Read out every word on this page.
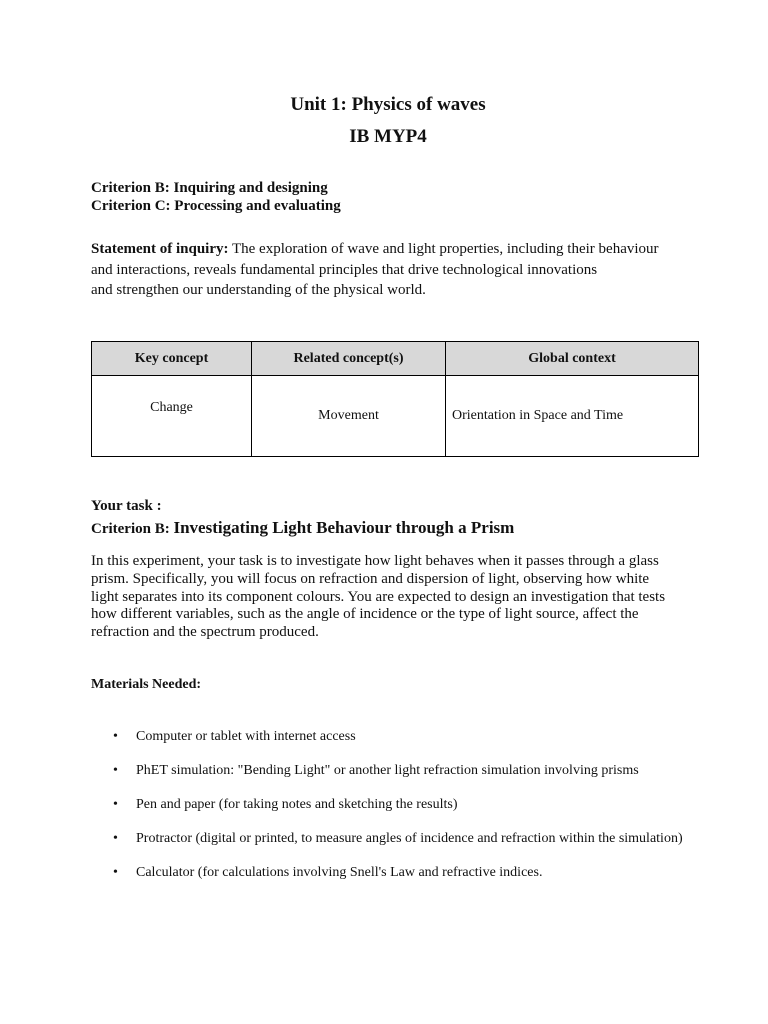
Unit 1: Physics of waves
IB MYP4
Criterion B: Inquiring and designing
Criterion C: Processing and evaluating
Statement of inquiry: The exploration of wave and light properties, including their behaviour
and interactions, reveals fundamental principles that drive technological innovations
and strengthen our understanding of the physical world.
Key concept	Related concept(s)	Global context
Change	Movement	Orientation in Space and Time
Your task :
Criterion B: Investigating Light Behaviour through a Prism
In this experiment, your task is to investigate how light behaves when it passes through a glass
prism. Specifically, you will focus on refraction and dispersion of light, observing how white
light separates into its component colours. You are expected to design an investigation that tests
how different variables, such as the angle of incidence or the type of light source, affect the
refraction and the spectrum produced.
Materials Needed:
• Computer or tablet with internet access
• PhET simulation: "Bending Light" or another light refraction simulation involving prisms
• Pen and paper (for taking notes and sketching the results)
• Protractor (digital or printed, to measure angles of incidence and refraction within the simulation)
• Calculator (for calculations involving Snell's Law and refractive indices.
